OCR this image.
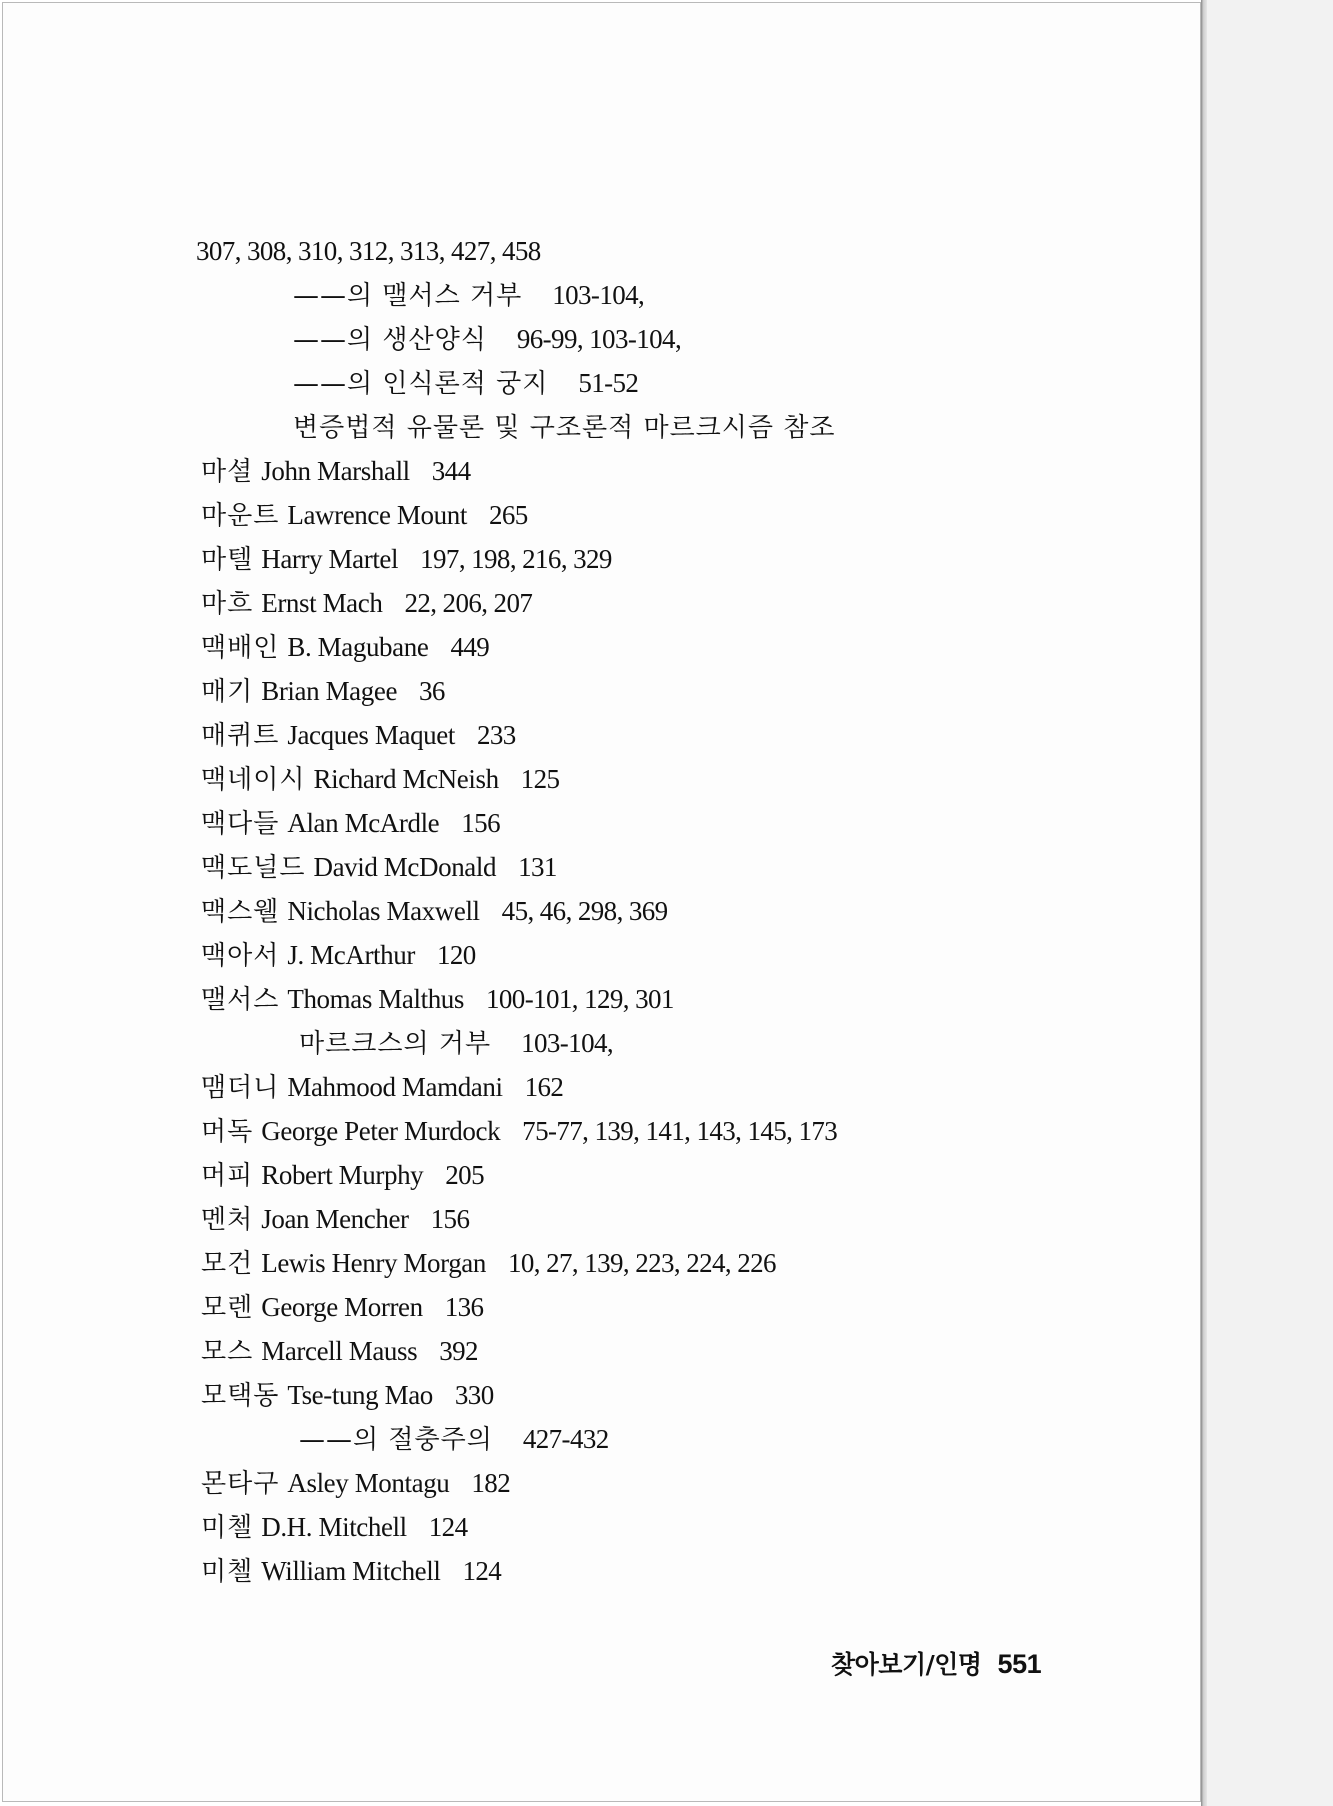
307, 308, 310, 312, 313, 427, 458
——의 맬서스 거부 103-104,
——의 생산양식 96-99, 103-104,
——의 인식론적 궁지 51-52
변증법적 유물론 및 구조론적 마르크시즘 참조
마셜 John Marshall 344
마운트 Lawrence Mount 265
마텔 Harry Martel 197, 198, 216, 329
마흐 Ernst Mach 22, 206, 207
맥배인 B. Magubane 449
매기 Brian Magee 36
매퀴트 Jacques Maquet 233
맥네이시 Richard McNeish 125
맥다들 Alan McArdle 156
맥도널드 David McDonald 131
맥스웰 Nicholas Maxwell 45, 46, 298, 369
맥아서 J. McArthur 120
맬서스 Thomas Malthus 100-101, 129, 301
마르크스의 거부 103-104,
맴더니 Mahmood Mamdani 162
머독 George Peter Murdock 75-77, 139, 141, 143, 145, 173
머피 Robert Murphy 205
멘처 Joan Mencher 156
모건 Lewis Henry Morgan 10, 27, 139, 223, 224, 226
모렌 George Morren 136
모스 Marcell Mauss 392
모택동 Tse-tung Mao 330
——의 절충주의 427-432
몬타구 Asley Montagu 182
미첼 D.H. Mitchell 124
미첼 William Mitchell 124
찾아보기/인명 551
